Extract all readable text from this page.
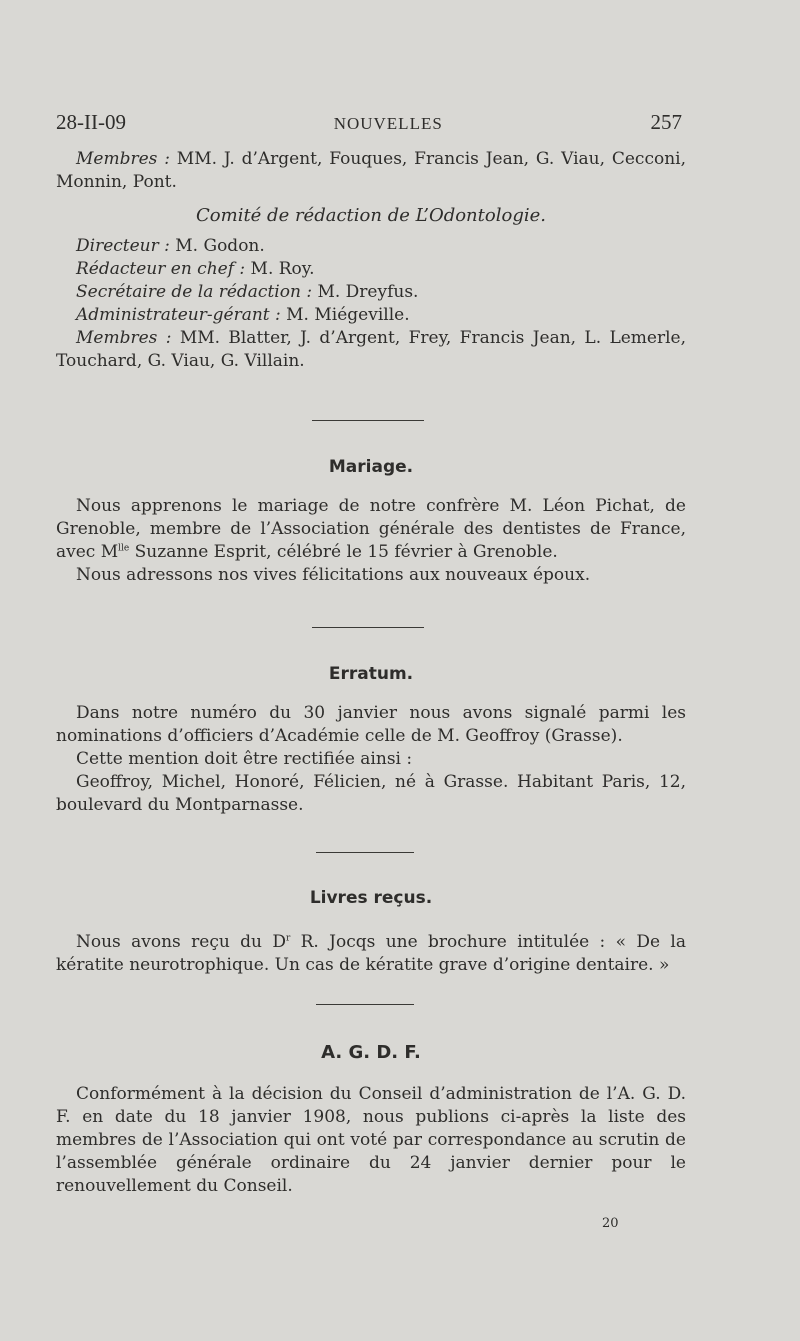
28-II-09	NOUVELLES	257

Membres : MM. J. d’Argent, Fouques, Francis Jean, G. Viau, Cecconi, Monnin, Pont.

Comité de rédaction de L’Odontologie.

Directeur : M. Godon.

Rédacteur en chef : M. Roy.

Secrétaire de la rédaction : M. Dreyfus.

Administrateur-gérant : M. Miégeville.

Membres : MM. Blatter, J. d’Argent, Frey, Francis Jean, L. Lemerle, Touchard, G. Viau, G. Villain.

Mariage.

Nous apprenons le mariage de notre confrère M. Léon Pichat, de Grenoble, membre de l’Association générale des dentistes de France, avec $M^{lle}$ Suzanne Esprit, célébré le 15 février à Grenoble.

Nous adressons nos vives félicitations aux nouveaux époux.

Erratum.

Dans notre numéro du 30 janvier nous avons signalé parmi les nominations d’officiers d’Académie celle de M. Geoffroy (Grasse).

Cette mention doit être rectifiée ainsi :

Geoffroy, Michel, Honoré, Félicien, né à Grasse. Habitant Paris, 12, boulevard du Montparnasse.

Livres reçus.

Nous avons reçu du $D^r$ R. Jocqs une brochure intitulée : « De la kératite neurotrophique. Un cas de kératite grave d’origine dentaire. »

A. G. D. F.

Conformément à la décision du Conseil d’administration de l’A. G. D. F. en date du 18 janvier 1908, nous publions ci-après la liste des membres de l’Association qui ont voté par correspondance au scrutin de l’assemblée générale ordinaire du 24 janvier dernier pour le renouvellement du Conseil.

20
